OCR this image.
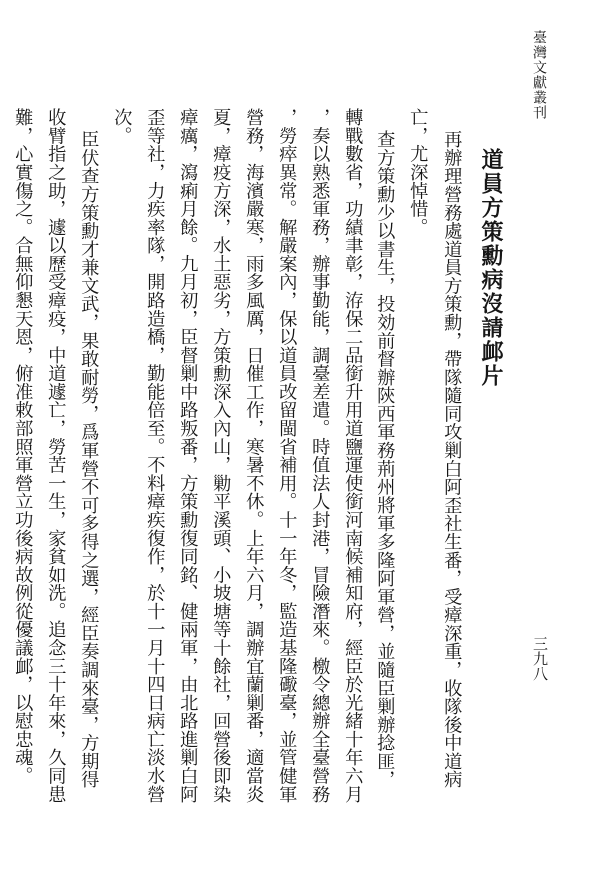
臺灣文獻叢刊
三九八
道員方策勳病沒請䘏片
再辦理營務處道員方策勳，帶隊隨同攻剿白阿歪社生番，受瘴深重，收隊後中道病
亡，尤深悼惜。
查方策勳少以書生，投効前督辦陝西軍務荊州將軍多隆阿軍營，並隨臣剿辦捻匪，
轉戰數省，功績聿彰，洊保二品銜升用道鹽運使銜河南候補知府，經臣於光緒十年六月
，奏以熟悉軍務，辦事勤能，調臺差遣。時值法人封港，冒險潛來。檄令總辦全臺營務
，勞瘁異常。解嚴案內，保以道員改留閩省補用。十一年冬，監造基隆礮臺，並管健軍
營務，海濱嚴寒，雨多風厲，日催工作，寒暑不休。上年六月，調辦宜蘭剿番，適當炎
夏，瘴疫方深，水土惡劣，方策勳深入內山，勦平溪頭、小坡塘等十餘社，回營後即染
瘴癘，瀉痢月餘。九月初，臣督剿中路叛番，方策勳復同銘、健兩軍，由北路進剿白阿
歪等社，力疾率隊，開路造橋，勤能倍至。不料瘴疾復作，於十一月十四日病亡淡水營
次。
臣伏查方策勳才兼文武，果敢耐勞，爲軍營不可多得之選，經臣奏調來臺，方期得
收臂指之助，遽以歷受瘴疫，中道遽亡，勞苦一生，家貧如洗。追念三十年來，久同患
難，心實傷之。合無仰懇天恩，俯准敕部照軍營立功後病故例從優議䘏，以慰忠魂。
